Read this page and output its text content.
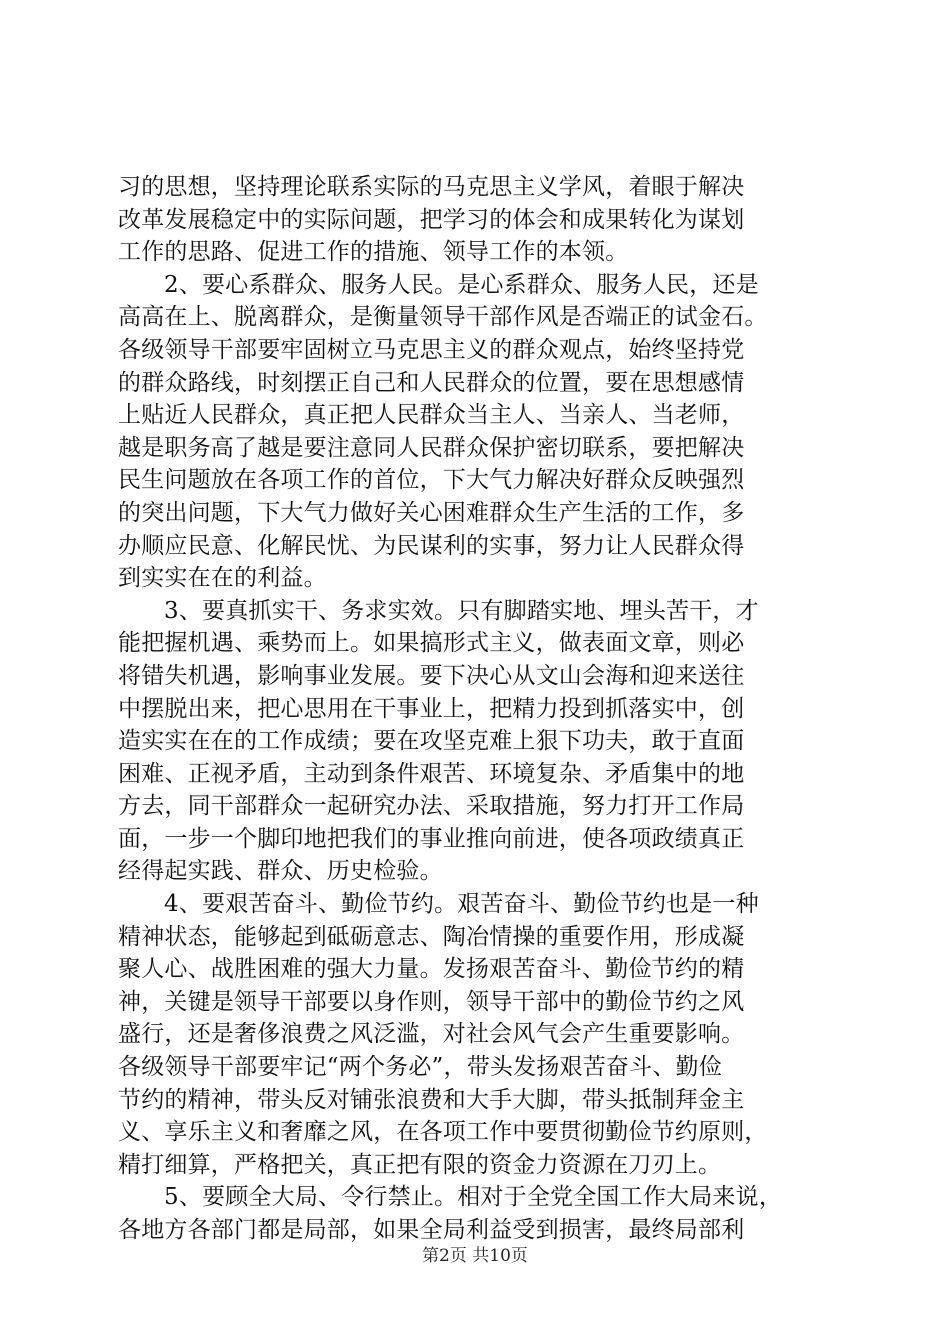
习的思想，坚持理论联系实际的马克思主义学风，着眼于解决
改革发展稳定中的实际问题，把学习的体会和成果转化为谋划
工作的思路、促进工作的措施、领导工作的本领。
2、要心系群众、服务人民。是心系群众、服务人民，还是
高高在上、脱离群众，是衡量领导干部作风是否端正的试金石。
各级领导干部要牢固树立马克思主义的群众观点，始终坚持党
的群众路线，时刻摆正自己和人民群众的位置，要在思想感情
上贴近人民群众，真正把人民群众当主人、当亲人、当老师，
越是职务高了越是要注意同人民群众保护密切联系，要把解决
民生问题放在各项工作的首位，下大气力解决好群众反映强烈
的突出问题，下大气力做好关心困难群众生产生活的工作，多
办顺应民意、化解民忧、为民谋利的实事，努力让人民群众得
到实实在在的利益。
3、要真抓实干、务求实效。只有脚踏实地、埋头苦干，才
能把握机遇、乘势而上。如果搞形式主义，做表面文章，则必
将错失机遇，影响事业发展。要下决心从文山会海和迎来送往
中摆脱出来，把心思用在干事业上，把精力投到抓落实中，创
造实实在在的工作成绩；要在攻坚克难上狠下功夫，敢于直面
困难、正视矛盾，主动到条件艰苦、环境复杂、矛盾集中的地
方去，同干部群众一起研究办法、采取措施，努力打开工作局
面，一步一个脚印地把我们的事业推向前进，使各项政绩真正
经得起实践、群众、历史检验。
4、要艰苦奋斗、勤俭节约。艰苦奋斗、勤俭节约也是一种
精神状态，能够起到砥砺意志、陶冶情操的重要作用，形成凝
聚人心、战胜困难的强大力量。发扬艰苦奋斗、勤俭节约的精
神，关键是领导干部要以身作则，领导干部中的勤俭节约之风
盛行，还是奢侈浪费之风泛滥，对社会风气会产生重要影响。
各级领导干部要牢记“两个务必”，带头发扬艰苦奋斗、勤俭
节约的精神，带头反对铺张浪费和大手大脚，带头抵制拜金主
义、享乐主义和奢靡之风，在各项工作中要贯彻勤俭节约原则，
精打细算，严格把关，真正把有限的资金力资源在刀刃上。
5、要顾全大局、令行禁止。相对于全党全国工作大局来说，
各地方各部门都是局部，如果全局利益受到损害，最终局部利
第2页 共10页
